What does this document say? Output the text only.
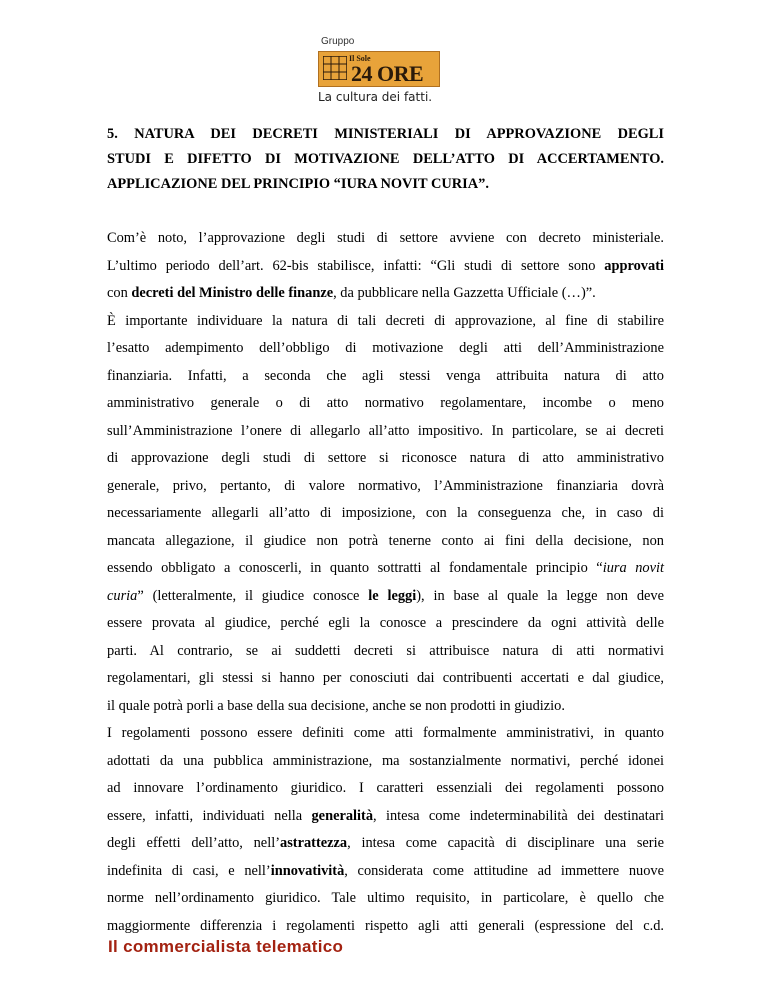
Gruppo
Il Sole
24 ORE
La cultura dei fatti.
5. NATURA DEI DECRETI MINISTERIALI DI APPROVAZIONE DEGLI
STUDI E DIFETTO DI MOTIVAZIONE DELL’ATTO DI ACCERTAMENTO.
APPLICAZIONE DEL PRINCIPIO “IURA NOVIT CURIA”.
Com’è noto, l’approvazione degli studi di settore avviene con decreto ministeriale.
L’ultimo periodo dell’art. 62-bis stabilisce, infatti: “Gli studi di settore sono approvati
con decreti del Ministro delle finanze, da pubblicare nella Gazzetta Ufficiale (…)”.
È importante individuare la natura di tali decreti di approvazione, al fine di stabilire
l’esatto adempimento dell’obbligo di motivazione degli atti dell’Amministrazione
finanziaria. Infatti, a seconda che agli stessi venga attribuita natura di atto
amministrativo generale o di atto normativo regolamentare, incombe o meno
sull’Amministrazione l’onere di allegarlo all’atto impositivo. In particolare, se ai decreti
di approvazione degli studi di settore si riconosce natura di atto amministrativo
generale, privo, pertanto, di valore normativo, l’Amministrazione finanziaria dovrà
necessariamente allegarli all’atto di imposizione, con la conseguenza che, in caso di
mancata allegazione, il giudice non potrà tenerne conto ai fini della decisione, non
essendo obbligato a conoscerli, in quanto sottratti al fondamentale principio “iura novit
curia” (letteralmente, il giudice conosce le leggi), in base al quale la legge non deve
essere provata al giudice, perché egli la conosce a prescindere da ogni attività delle
parti. Al contrario, se ai suddetti decreti si attribuisce natura di atti normativi
regolamentari, gli stessi si hanno per conosciuti dai contribuenti accertati e dal giudice,
il quale potrà porli a base della sua decisione, anche se non prodotti in giudizio.
I regolamenti possono essere definiti come atti formalmente amministrativi, in quanto
adottati da una pubblica amministrazione, ma sostanzialmente normativi, perché idonei
ad innovare l’ordinamento giuridico. I caratteri essenziali dei regolamenti possono
essere, infatti, individuati nella generalità, intesa come indeterminabilità dei destinatari
degli effetti dell’atto, nell’astrattezza, intesa come capacità di disciplinare una serie
indefinita di casi, e nell’innovatività, considerata come attitudine ad immettere nuove
norme nell’ordinamento giuridico. Tale ultimo requisito, in particolare, è quello che
maggiormente differenzia i regolamenti rispetto agli atti generali (espressione del c.d.
Il commercialista telematico
